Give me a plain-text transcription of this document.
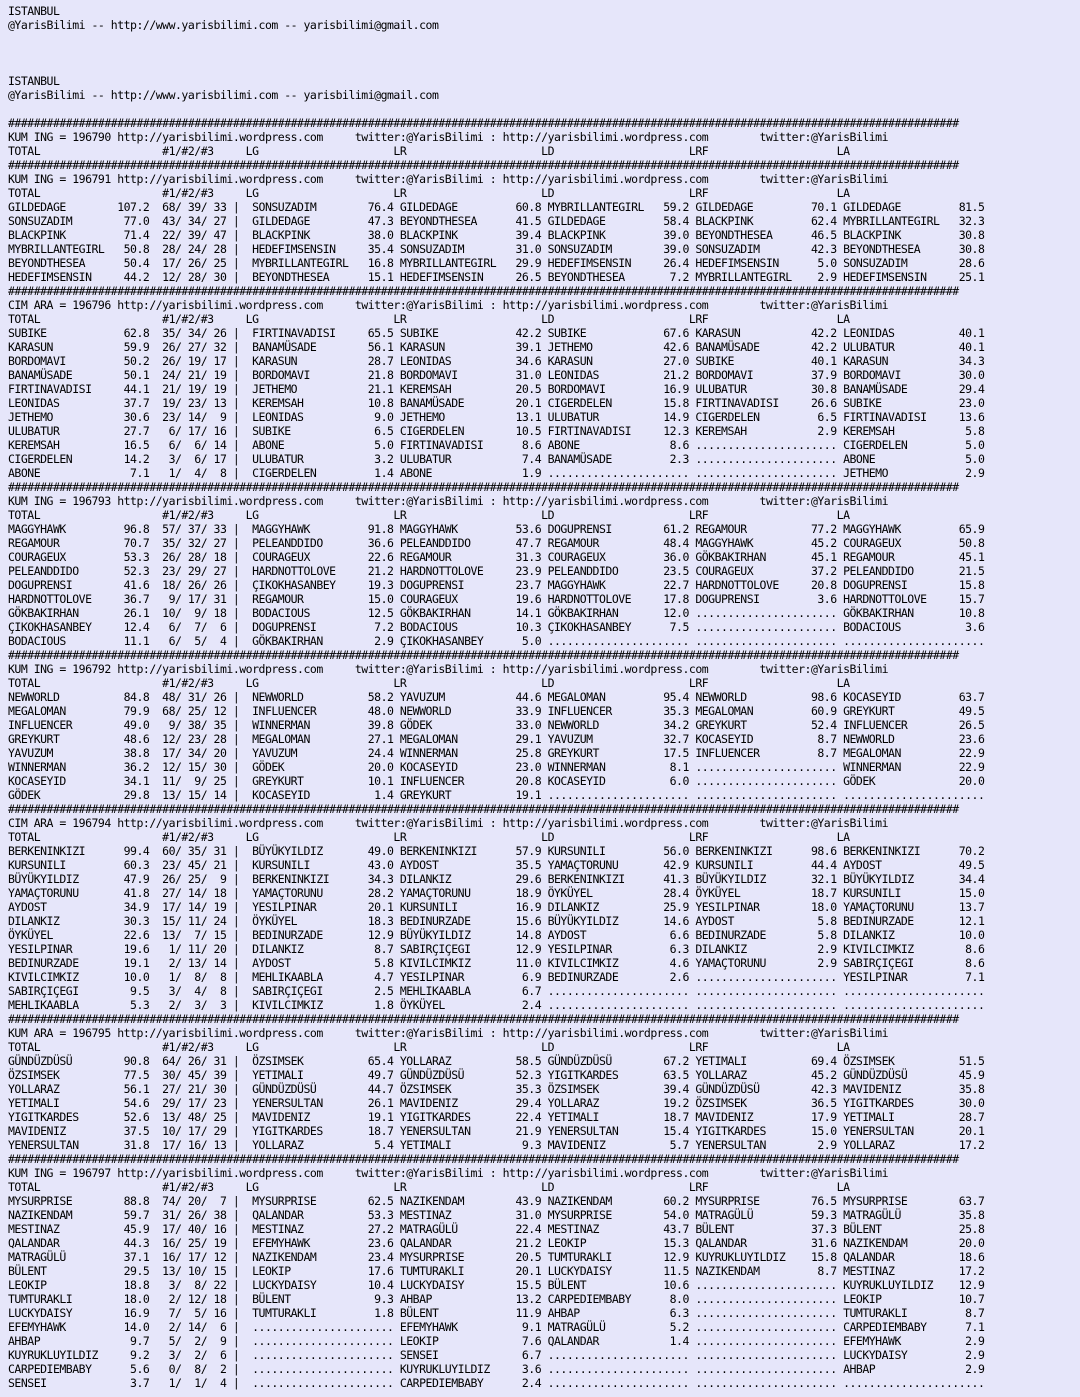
ISTANBUL
@YarisBilimi -- http://www.yarisbilimi.com -- yarisbilimi@gmail.com

ISTANBUL
@YarisBilimi -- http://www.yarisbilimi.com -- yarisbilimi@gmail.com

####################################################################################################################################################
KUM ING = 196790 http://yarisbilimi.wordpress.com     twitter:@YarisBilimi : http://yarisbilimi.wordpress.com        twitter:@YarisBilimi
TOTAL                   #1/#2/#3     LG                     LR                     LD                     LRF                    LA
####################################################################################################################################################
KUM ING = 196791 http://yarisbilimi.wordpress.com     twitter:@YarisBilimi : http://yarisbilimi.wordpress.com        twitter:@YarisBilimi
TOTAL                   #1/#2/#3     LG                     LR                     LD                     LRF                    LA
GILDEDAGE        107.2  68/ 39/ 33 |  SONSUZADIM        76.4 GILDEDAGE         60.8 MYBRILLANTEGIRL   59.2 GILDEDAGE         70.1 GILDEDAGE         81.5
SONSUZADIM        77.0  43/ 34/ 27 |  GILDEDAGE         47.3 BEYONDTHESEA      41.5 GILDEDAGE         58.4 BLACKPINK         62.4 MYBRILLANTEGIRL   32.3
BLACKPINK         71.4  22/ 39/ 47 |  BLACKPINK         38.0 BLACKPINK         39.4 BLACKPINK         39.0 BEYONDTHESEA      46.5 BLACKPINK         30.8
MYBRILLANTEGIRL   50.8  28/ 24/ 28 |  HEDEFIMSENSIN     35.4 SONSUZADIM        31.0 SONSUZADIM        39.0 SONSUZADIM        42.3 BEYONDTHESEA      30.8
BEYONDTHESEA      50.4  17/ 26/ 25 |  MYBRILLANTEGIRL   16.8 MYBRILLANTEGIRL   29.9 HEDEFIMSENSIN     26.4 HEDEFIMSENSIN      5.0 SONSUZADIM        28.6
HEDEFIMSENSIN     44.2  12/ 28/ 30 |  BEYONDTHESEA      15.1 HEDEFIMSENSIN     26.5 BEYONDTHESEA       7.2 MYBRILLANTEGIRL    2.9 HEDEFIMSENSIN     25.1
####################################################################################################################################################
CIM ARA = 196796 http://yarisbilimi.wordpress.com     twitter:@YarisBilimi : http://yarisbilimi.wordpress.com        twitter:@YarisBilimi
TOTAL                   #1/#2/#3     LG                     LR                     LD                     LRF                    LA
SUBIKE            62.8  35/ 34/ 26 |  FIRTINAVADISI     65.5 SUBIKE            42.2 SUBIKE            67.6 KARASUN           42.2 LEONIDAS          40.1
KARASUN           59.9  26/ 27/ 32 |  BANAMÜSADE        56.1 KARASUN           39.1 JETHEMO           42.6 BANAMÜSADE        42.2 ULUBATUR          40.1
BORDOMAVI         50.2  26/ 19/ 17 |  KARASUN           28.7 LEONIDAS          34.6 KARASUN           27.0 SUBIKE            40.1 KARASUN           34.3
BANAMÜSADE        50.1  24/ 21/ 19 |  BORDOMAVI         21.8 BORDOMAVI         31.0 LEONIDAS          21.2 BORDOMAVI         37.9 BORDOMAVI         30.0
FIRTINAVADISI     44.1  21/ 19/ 19 |  JETHEMO           21.1 KEREMSAH          20.5 BORDOMAVI         16.9 ULUBATUR          30.8 BANAMÜSADE        29.4
LEONIDAS          37.7  19/ 23/ 13 |  KEREMSAH          10.8 BANAMÜSADE        20.1 CIGERDELEN        15.8 FIRTINAVADISI     26.6 SUBIKE            23.0
JETHEMO           30.6  23/ 14/  9 |  LEONIDAS           9.0 JETHEMO           13.1 ULUBATUR          14.9 CIGERDELEN         6.5 FIRTINAVADISI     13.6
ULUBATUR          27.7   6/ 17/ 16 |  SUBIKE             6.5 CIGERDELEN        10.5 FIRTINAVADISI     12.3 KEREMSAH           2.9 KEREMSAH           5.8
KEREMSAH          16.5   6/  6/ 14 |  ABONE              5.0 FIRTINAVADISI      8.6 ABONE              8.6 ...................... CIGERDELEN         5.0
CIGERDELEN        14.2   3/  6/ 17 |  ULUBATUR           3.2 ULUBATUR           7.4 BANAMÜSADE         2.3 ...................... ABONE              5.0
ABONE              7.1   1/  4/  8 |  CIGERDELEN         1.4 ABONE              1.9 ...................... ...................... JETHEMO            2.9
####################################################################################################################################################
KUM ING = 196793 http://yarisbilimi.wordpress.com     twitter:@YarisBilimi : http://yarisbilimi.wordpress.com        twitter:@YarisBilimi
TOTAL                   #1/#2/#3     LG                     LR                     LD                     LRF                    LA
MAGGYHAWK         96.8  57/ 37/ 33 |  MAGGYHAWK         91.8 MAGGYHAWK         53.6 DOGUPRENSI        61.2 REGAMOUR          77.2 MAGGYHAWK         65.9
REGAMOUR          70.7  35/ 32/ 27 |  PELEANDDIDO       36.6 PELEANDDIDO       47.7 REGAMOUR          48.4 MAGGYHAWK         45.2 COURAGEUX         50.8
COURAGEUX         53.3  26/ 28/ 18 |  COURAGEUX         22.6 REGAMOUR          31.3 COURAGEUX         36.0 GÖKBAKIRHAN       45.1 REGAMOUR          45.1
PELEANDDIDO       52.3  23/ 29/ 27 |  HARDNOTTOLOVE     21.2 HARDNOTTOLOVE     23.9 PELEANDDIDO       23.5 COURAGEUX         37.2 PELEANDDIDO       21.5
DOGUPRENSI        41.6  18/ 26/ 26 |  ÇIKOKHASANBEY     19.3 DOGUPRENSI        23.7 MAGGYHAWK         22.7 HARDNOTTOLOVE     20.8 DOGUPRENSI        15.8
HARDNOTTOLOVE     36.7   9/ 17/ 31 |  REGAMOUR          15.0 COURAGEUX         19.6 HARDNOTTOLOVE     17.8 DOGUPRENSI         3.6 HARDNOTTOLOVE     15.7
GÖKBAKIRHAN       26.1  10/  9/ 18 |  BODACIOUS         12.5 GÖKBAKIRHAN       14.1 GÖKBAKIRHAN       12.0 ...................... GÖKBAKIRHAN       10.8
ÇIKOKHASANBEY     12.4   6/  7/  6 |  DOGUPRENSI         7.2 BODACIOUS         10.3 ÇIKOKHASANBEY      7.5 ...................... BODACIOUS          3.6
BODACIOUS         11.1   6/  5/  4 |  GÖKBAKIRHAN        2.9 ÇIKOKHASANBEY      5.0 ...................... ...................... ......................
####################################################################################################################################################
KUM ING = 196792 http://yarisbilimi.wordpress.com     twitter:@YarisBilimi : http://yarisbilimi.wordpress.com        twitter:@YarisBilimi
TOTAL                   #1/#2/#3     LG                     LR                     LD                     LRF                    LA
NEWWORLD          84.8  48/ 31/ 26 |  NEWWORLD          58.2 YAVUZUM           44.6 MEGALOMAN         95.4 NEWWORLD          98.6 KOCASEYID         63.7
MEGALOMAN         79.9  68/ 25/ 12 |  INFLUENCER        48.0 NEWWORLD          33.9 INFLUENCER        35.3 MEGALOMAN         60.9 GREYKURT          49.5
INFLUENCER        49.0   9/ 38/ 35 |  WINNERMAN         39.8 GÖDEK             33.0 NEWWORLD          34.2 GREYKURT          52.4 INFLUENCER        26.5
GREYKURT          48.6  12/ 23/ 28 |  MEGALOMAN         27.1 MEGALOMAN         29.1 YAVUZUM           32.7 KOCASEYID          8.7 NEWWORLD          23.6
YAVUZUM           38.8  17/ 34/ 20 |  YAVUZUM           24.4 WINNERMAN         25.8 GREYKURT          17.5 INFLUENCER         8.7 MEGALOMAN         22.9
WINNERMAN         36.2  12/ 15/ 30 |  GÖDEK             20.0 KOCASEYID         23.0 WINNERMAN          8.1 ...................... WINNERMAN         22.9
KOCASEYID         34.1  11/  9/ 25 |  GREYKURT          10.1 INFLUENCER        20.8 KOCASEYID          6.0 ...................... GÖDEK             20.0
GÖDEK             29.8  13/ 15/ 14 |  KOCASEYID          1.4 GREYKURT          19.1 ...................... ...................... ......................
####################################################################################################################################################
CIM ARA = 196794 http://yarisbilimi.wordpress.com     twitter:@YarisBilimi : http://yarisbilimi.wordpress.com        twitter:@YarisBilimi
TOTAL                   #1/#2/#3     LG                     LR                     LD                     LRF                    LA
BERKENINKIZI      99.4  60/ 35/ 31 |  BÜYÜKYILDIZ       49.0 BERKENINKIZI      57.9 KURSUNILI         56.0 BERKENINKIZI      98.6 BERKENINKIZI      70.2
KURSUNILI         60.3  23/ 45/ 21 |  KURSUNILI         43.0 AYDOST            35.5 YAMAÇTORUNU       42.9 KURSUNILI         44.4 AYDOST            49.5
BÜYÜKYILDIZ       47.9  26/ 25/  9 |  BERKENINKIZI      34.3 DILANKIZ          29.6 BERKENINKIZI      41.3 BÜYÜKYILDIZ       32.1 BÜYÜKYILDIZ       34.4
YAMAÇTORUNU       41.8  27/ 14/ 18 |  YAMAÇTORUNU       28.2 YAMAÇTORUNU       18.9 ÖYKÜYEL           28.4 ÖYKÜYEL           18.7 KURSUNILI         15.0
AYDOST            34.9  17/ 14/ 19 |  YESILPINAR        20.1 KURSUNILI         16.9 DILANKIZ          25.9 YESILPINAR        18.0 YAMAÇTORUNU       13.7
DILANKIZ          30.3  15/ 11/ 24 |  ÖYKÜYEL           18.3 BEDINURZADE       15.6 BÜYÜKYILDIZ       14.6 AYDOST             5.8 BEDINURZADE       12.1
ÖYKÜYEL           22.6  13/  7/ 15 |  BEDINURZADE       12.9 BÜYÜKYILDIZ       14.8 AYDOST             6.6 BEDINURZADE        5.8 DILANKIZ          10.0
YESILPINAR        19.6   1/ 11/ 20 |  DILANKIZ           8.7 SABIRÇIÇEGI       12.9 YESILPINAR         6.3 DILANKIZ           2.9 KIVILCIMKIZ        8.6
BEDINURZADE       19.1   2/ 13/ 14 |  AYDOST             5.8 KIVILCIMKIZ       11.0 KIVILCIMKIZ        4.6 YAMAÇTORUNU        2.9 SABIRÇIÇEGI        8.6
KIVILCIMKIZ       10.0   1/  8/  8 |  MEHLIKAABLA        4.7 YESILPINAR         6.9 BEDINURZADE        2.6 ...................... YESILPINAR         7.1
SABIRÇIÇEGI        9.5   3/  4/  8 |  SABIRÇIÇEGI        2.5 MEHLIKAABLA        6.7 ...................... ...................... ......................
MEHLIKAABLA        5.3   2/  3/  3 |  KIVILCIMKIZ        1.8 ÖYKÜYEL            2.4 ...................... ...................... ......................
####################################################################################################################################################
KUM ARA = 196795 http://yarisbilimi.wordpress.com     twitter:@YarisBilimi : http://yarisbilimi.wordpress.com        twitter:@YarisBilimi
TOTAL                   #1/#2/#3     LG                     LR                     LD                     LRF                    LA
GÜNDÜZDÜSÜ        90.8  64/ 26/ 31 |  ÖZSIMSEK          65.4 YOLLARAZ          58.5 GÜNDÜZDÜSÜ        67.2 YETIMALI          69.4 ÖZSIMSEK          51.5
ÖZSIMSEK          77.5  30/ 45/ 39 |  YETIMALI          49.7 GÜNDÜZDÜSÜ        52.3 YIGITKARDES       63.5 YOLLARAZ          45.2 GÜNDÜZDÜSÜ        45.9
YOLLARAZ          56.1  27/ 21/ 30 |  GÜNDÜZDÜSÜ        44.7 ÖZSIMSEK          35.3 ÖZSIMSEK          39.4 GÜNDÜZDÜSÜ        42.3 MAVIDENIZ         35.8
YETIMALI          54.6  29/ 17/ 23 |  YENERSULTAN       26.1 MAVIDENIZ         29.4 YOLLARAZ          19.2 ÖZSIMSEK          36.5 YIGITKARDES       30.0
YIGITKARDES       52.6  13/ 48/ 25 |  MAVIDENIZ         19.1 YIGITKARDES       22.4 YETIMALI          18.7 MAVIDENIZ         17.9 YETIMALI          28.7
MAVIDENIZ         37.5  10/ 17/ 29 |  YIGITKARDES       18.7 YENERSULTAN       21.9 YENERSULTAN       15.4 YIGITKARDES       15.0 YENERSULTAN       20.1
YENERSULTAN       31.8  17/ 16/ 13 |  YOLLARAZ           5.4 YETIMALI           9.3 MAVIDENIZ          5.7 YENERSULTAN        2.9 YOLLARAZ          17.2
####################################################################################################################################################
KUM ING = 196797 http://yarisbilimi.wordpress.com     twitter:@YarisBilimi : http://yarisbilimi.wordpress.com        twitter:@YarisBilimi
TOTAL                   #1/#2/#3     LG                     LR                     LD                     LRF                    LA
MYSURPRISE        88.8  74/ 20/  7 |  MYSURPRISE        62.5 NAZIKENDAM        43.9 NAZIKENDAM        60.2 MYSURPRISE        76.5 MYSURPRISE        63.7
NAZIKENDAM        59.7  31/ 26/ 38 |  QALANDAR          53.3 MESTINAZ          31.0 MYSURPRISE        54.0 MATRAGÜLÜ         59.3 MATRAGÜLÜ         35.8
MESTINAZ          45.9  17/ 40/ 16 |  MESTINAZ          27.2 MATRAGÜLÜ         22.4 MESTINAZ          43.7 BÜLENT            37.3 BÜLENT            25.8
QALANDAR          44.3  16/ 25/ 19 |  EFEMYHAWK         23.6 QALANDAR          21.2 LEOKIP            15.3 QALANDAR          31.6 NAZIKENDAM        20.0
MATRAGÜLÜ         37.1  16/ 17/ 12 |  NAZIKENDAM        23.4 MYSURPRISE        20.5 TUMTURAKLI        12.9 KUYRUKLUYILDIZ    15.8 QALANDAR          18.6
BÜLENT            29.5  13/ 10/ 15 |  LEOKIP            17.6 TUMTURAKLI        20.1 LUCKYDAISY        11.5 NAZIKENDAM         8.7 MESTINAZ          17.2
LEOKIP            18.8   3/  8/ 22 |  LUCKYDAISY        10.4 LUCKYDAISY        15.5 BÜLENT            10.6 ...................... KUYRUKLUYILDIZ    12.9
TUMTURAKLI        18.0   2/ 12/ 18 |  BÜLENT             9.3 AHBAP             13.2 CARPEDIEMBABY      8.0 ...................... LEOKIP            10.7
LUCKYDAISY        16.9   7/  5/ 16 |  TUMTURAKLI         1.8 BÜLENT            11.9 AHBAP              6.3 ...................... TUMTURAKLI         8.7
EFEMYHAWK         14.0   2/ 14/  6 |  ...................... EFEMYHAWK          9.1 MATRAGÜLÜ          5.2 ...................... CARPEDIEMBABY      7.1
AHBAP              9.7   5/  2/  9 |  ...................... LEOKIP             7.6 QALANDAR           1.4 ...................... EFEMYHAWK          2.9
KUYRUKLUYILDIZ     9.2   3/  2/  6 |  ...................... SENSEI             6.7 ...................... ...................... LUCKYDAISY         2.9
CARPEDIEMBABY      5.6   0/  8/  2 |  ...................... KUYRUKLUYILDIZ     3.6 ...................... ...................... AHBAP              2.9
SENSEI             3.7   1/  1/  4 |  ...................... CARPEDIEMBABY      2.4 ...................... ...................... ......................
